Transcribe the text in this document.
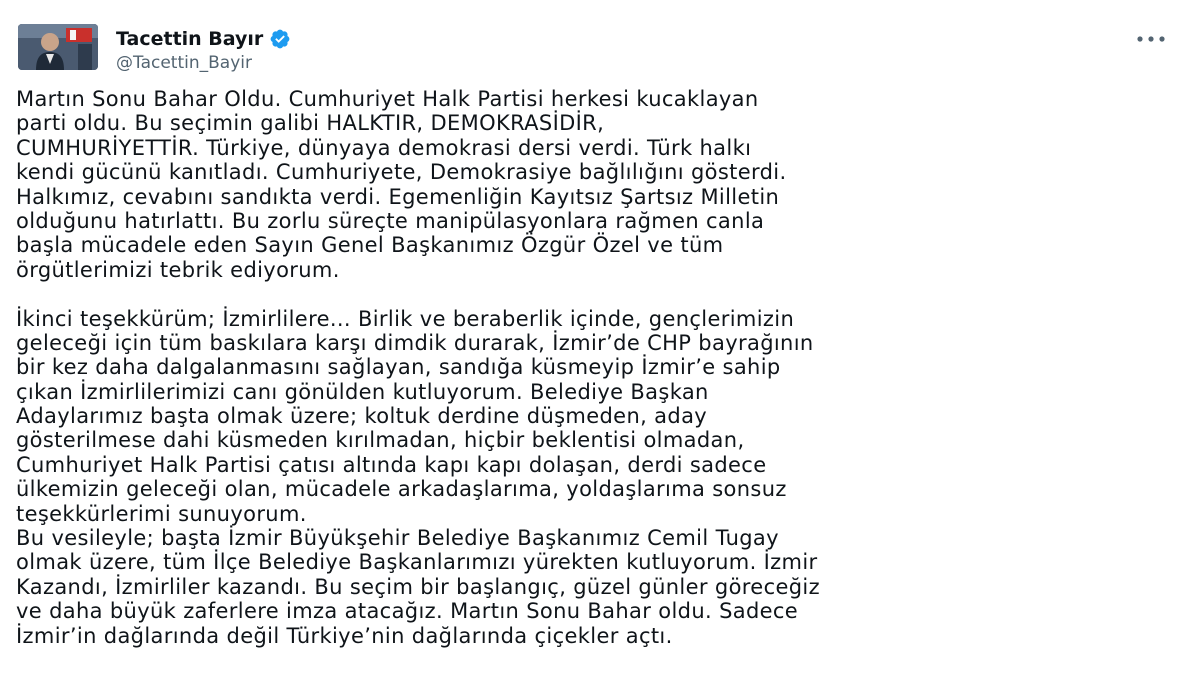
Tacettin Bayır
@Tacettin_Bayir
Martın Sonu Bahar Oldu. Cumhuriyet Halk Partisi herkesi kucaklayan
parti oldu. Bu seçimin galibi HALKTIR, DEMOKRASİDİR,
CUMHURİYETTİR. Türkiye, dünyaya demokrasi dersi verdi. Türk halkı
kendi gücünü kanıtladı. Cumhuriyete, Demokrasiye bağlılığını gösterdi.
Halkımız, cevabını sandıkta verdi. Egemenliğin Kayıtsız Şartsız Milletin
olduğunu hatırlattı. Bu zorlu süreçte manipülasyonlara rağmen canla
başla mücadele eden Sayın Genel Başkanımız Özgür Özel ve tüm
örgütlerimizi tebrik ediyorum.
İkinci teşekkürüm; İzmirlilere... Birlik ve beraberlik içinde, gençlerimizin
geleceği için tüm baskılara karşı dimdik durarak, İzmir’de CHP bayrağının
bir kez daha dalgalanmasını sağlayan, sandığa küsmeyip İzmir’e sahip
çıkan İzmirlilerimizi canı gönülden kutluyorum. Belediye Başkan
Adaylarımız başta olmak üzere; koltuk derdine düşmeden, aday
gösterilmese dahi küsmeden kırılmadan, hiçbir beklentisi olmadan,
Cumhuriyet Halk Partisi çatısı altında kapı kapı dolaşan, derdi sadece
ülkemizin geleceği olan, mücadele arkadaşlarıma, yoldaşlarıma sonsuz
teşekkürlerimi sunuyorum.
Bu vesileyle; başta İzmir Büyükşehir Belediye Başkanımız Cemil Tugay
olmak üzere, tüm İlçe Belediye Başkanlarımızı yürekten kutluyorum. İzmir
Kazandı, İzmirliler kazandı. Bu seçim bir başlangıç, güzel günler göreceğiz
ve daha büyük zaferlere imza atacağız. Martın Sonu Bahar oldu. Sadece
İzmir’in dağlarında değil Türkiye’nin dağlarında çiçekler açtı.
